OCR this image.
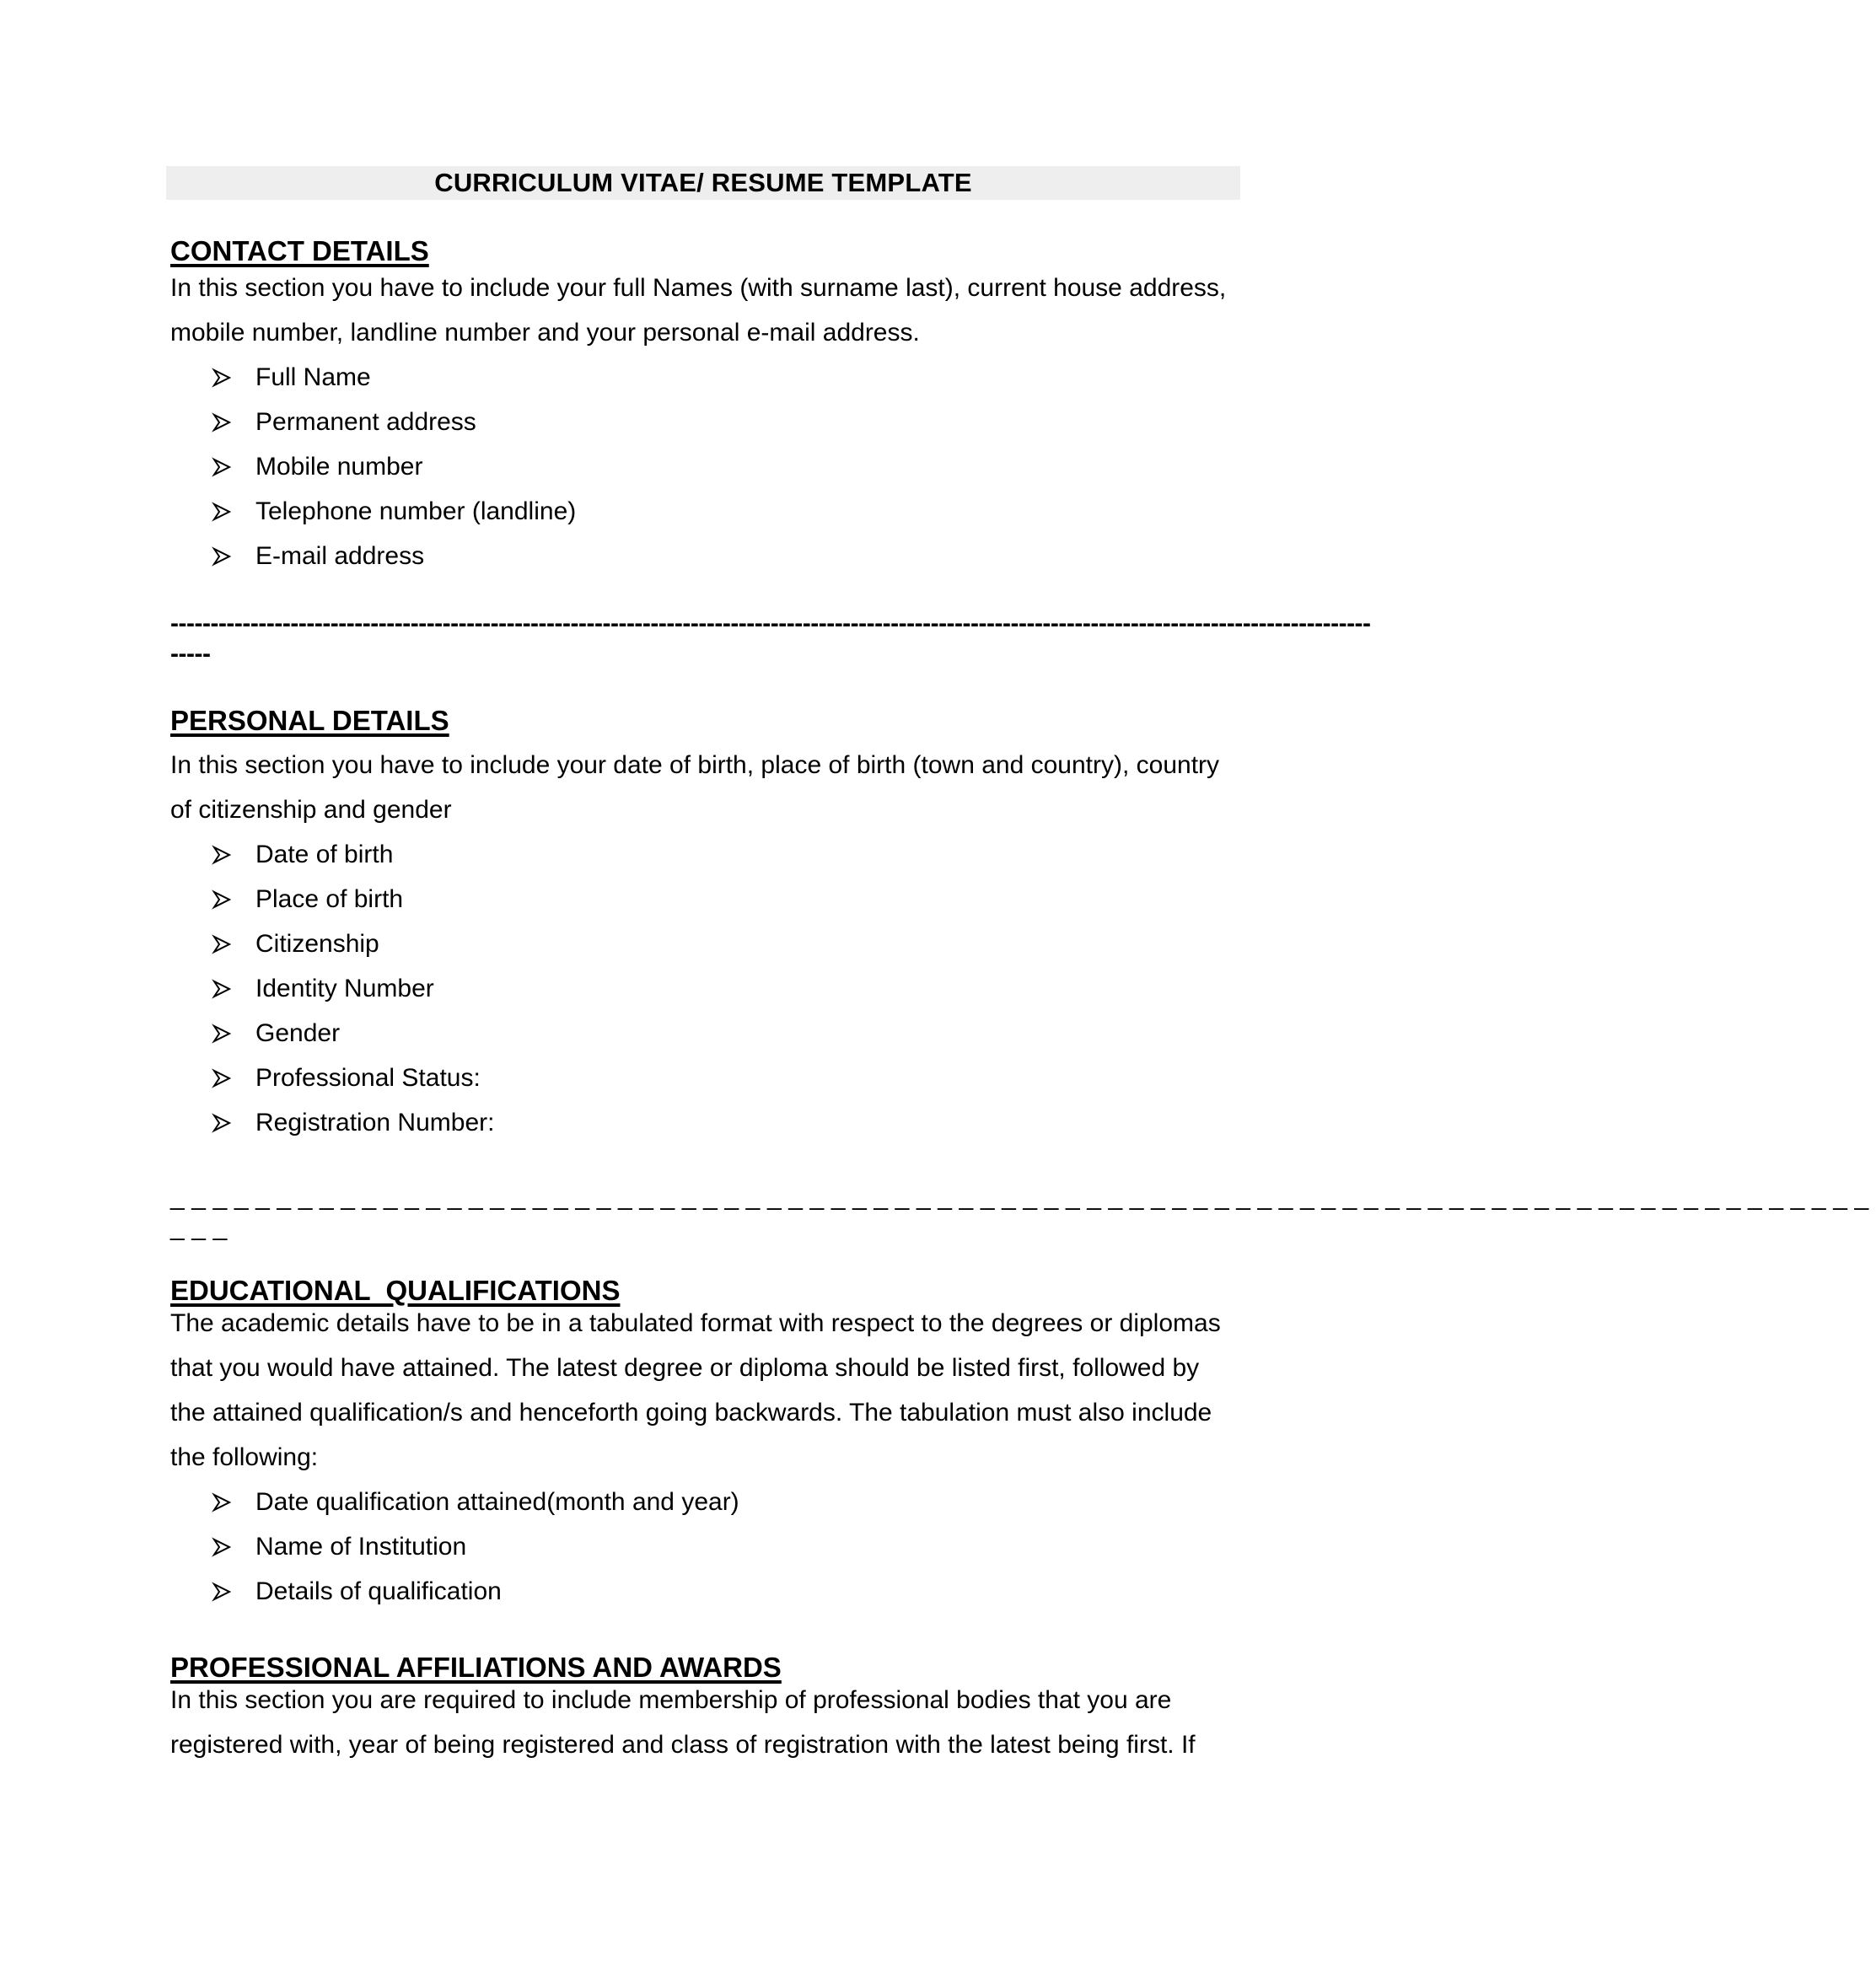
CURRICULUM VITAE/ RESUME TEMPLATE
CONTACT DETAILS

In this section you have to include your full Names (with surname last), current house address, mobile number, landline number and your personal e-mail address.

Full Name
Permanent address
Mobile number
Telephone number (landline)
E-mail address
------------------------------------------------------------------------------------------------------------------------------------------------------
-----
PERSONAL DETAILS

In this section you have to include your date of birth, place of birth (town and country), country of citizenship and gender

Date of birth
Place of birth
Citizenship
Identity Number
Gender
Professional Status:
Registration Number:
________________________________________________________________________________
___
EDUCATIONAL  QUALIFICATIONS

The academic details have to be in a tabulated format with respect to the degrees or diplomas that you would have attained. The latest degree or diploma should be listed first, followed by the attained qualification/s and henceforth going backwards. The tabulation must also include the following:

Date qualification attained(month and year)
Name of Institution
Details of qualification
PROFESSIONAL AFFILIATIONS AND AWARDS

In this section you are required to include membership of professional bodies that you are registered with, year of being registered and class of registration with the latest being first. If
